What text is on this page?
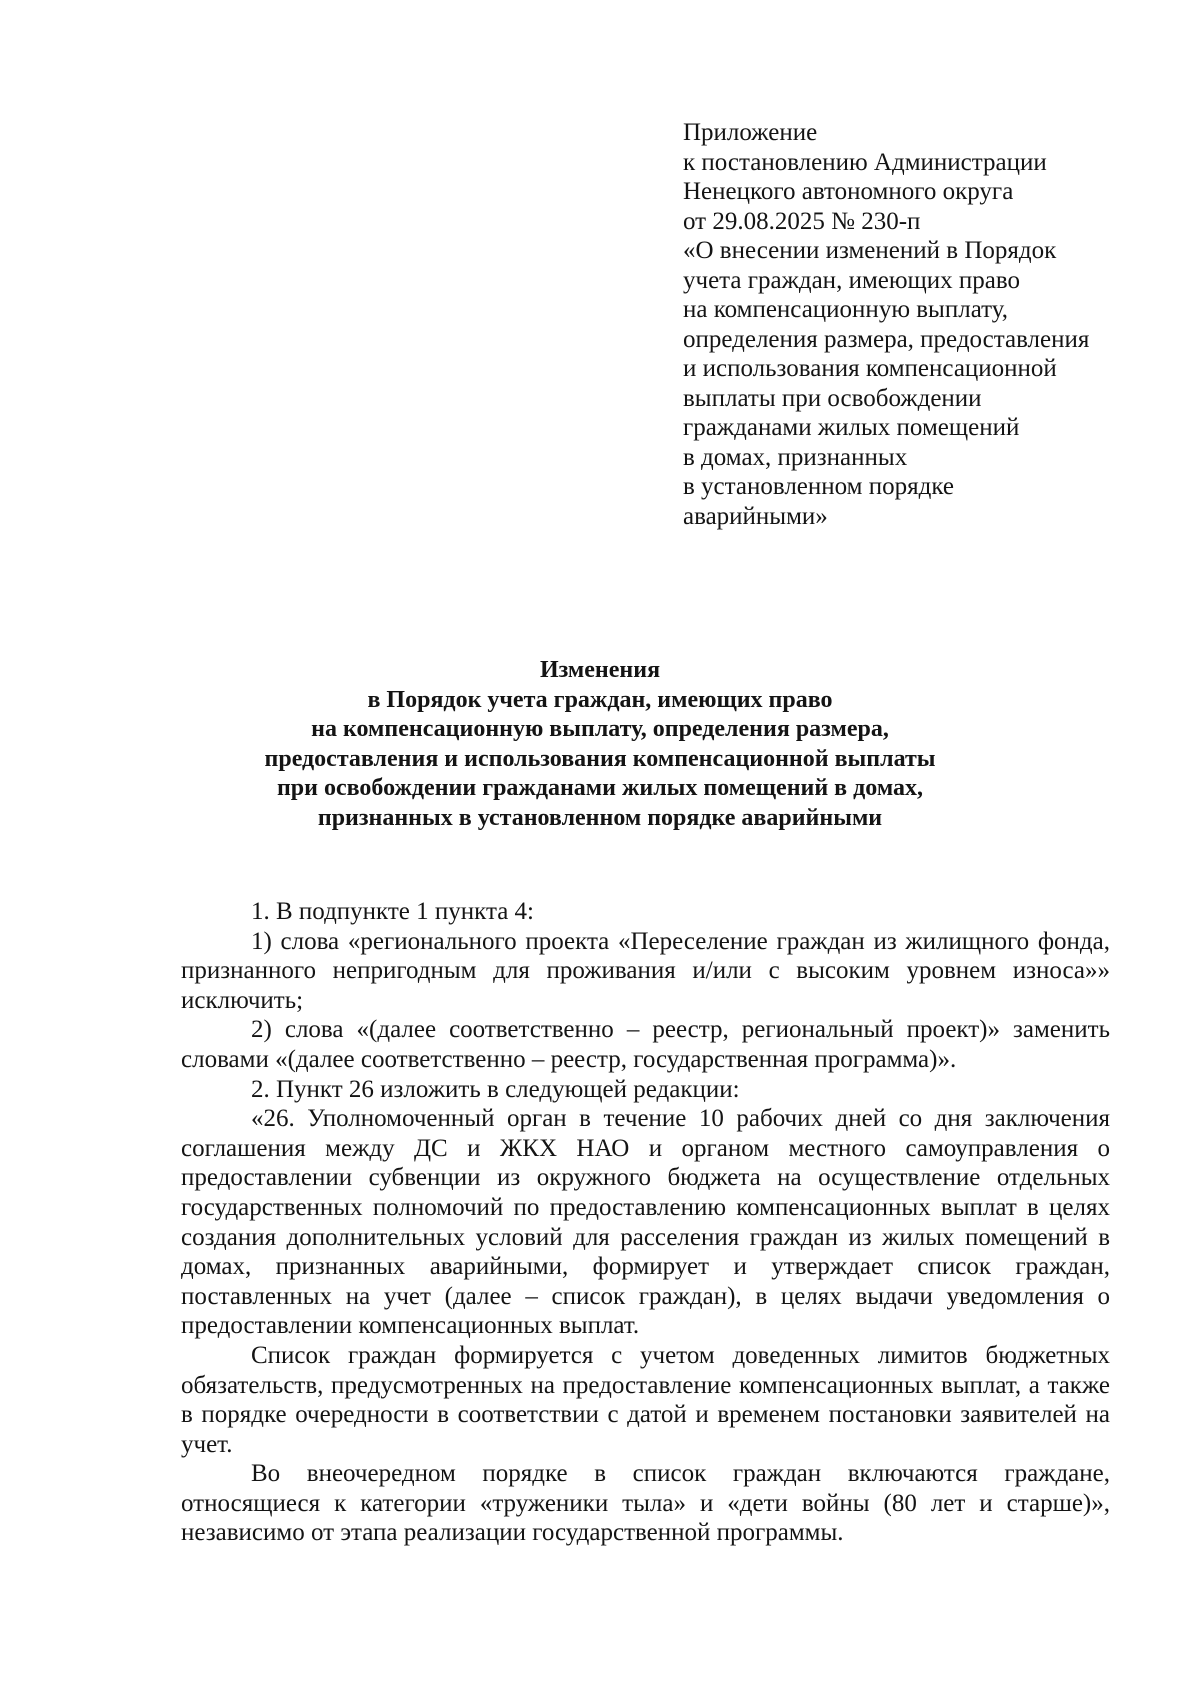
Приложение
к постановлению Администрации
Ненецкого автономного округа
от 29.08.2025 № 230-п
«О внесении изменений в Порядок
учета граждан, имеющих право
на компенсационную выплату,
определения размера, предоставления
и использования компенсационной
выплаты при освобождении
гражданами жилых помещений
в домах, признанных
в установленном порядке
аварийными»
Изменения
в Порядок учета граждан, имеющих право
на компенсационную выплату, определения размера,
предоставления и использования компенсационной выплаты
при освобождении гражданами жилых помещений в домах,
признанных в установленном порядке аварийными

1. В подпункте 1 пункта 4:

1) слова «регионального проекта «Переселение граждан из жилищного фонда, признанного непригодным для проживания и/или с высоким уровнем износа»» исключить;

2) слова «(далее соответственно – реестр, региональный проект)» заменить словами «(далее соответственно – реестр, государственная программа)».

2. Пункт 26 изложить в следующей редакции:

«26. Уполномоченный орган в течение 10 рабочих дней со дня заключения соглашения между ДС и ЖКХ НАО и органом местного самоуправления о предоставлении субвенции из окружного бюджета на осуществление отдельных государственных полномочий по предоставлению компенсационных выплат в целях создания дополнительных условий для расселения граждан из жилых помещений в домах, признанных аварийными, формирует и утверждает список граждан, поставленных на учет (далее – список граждан), в целях выдачи уведомления о предоставлении компенсационных выплат.

Список граждан формируется с учетом доведенных лимитов бюджетных обязательств, предусмотренных на предоставление компенсационных выплат, а также в порядке очередности в соответствии с датой и временем постановки заявителей на учет.

Во внеочередном порядке в список граждан включаются граждане, относящиеся к категории «труженики тыла» и «дети войны (80 лет и старше)», независимо от этапа реализации государственной программы.
